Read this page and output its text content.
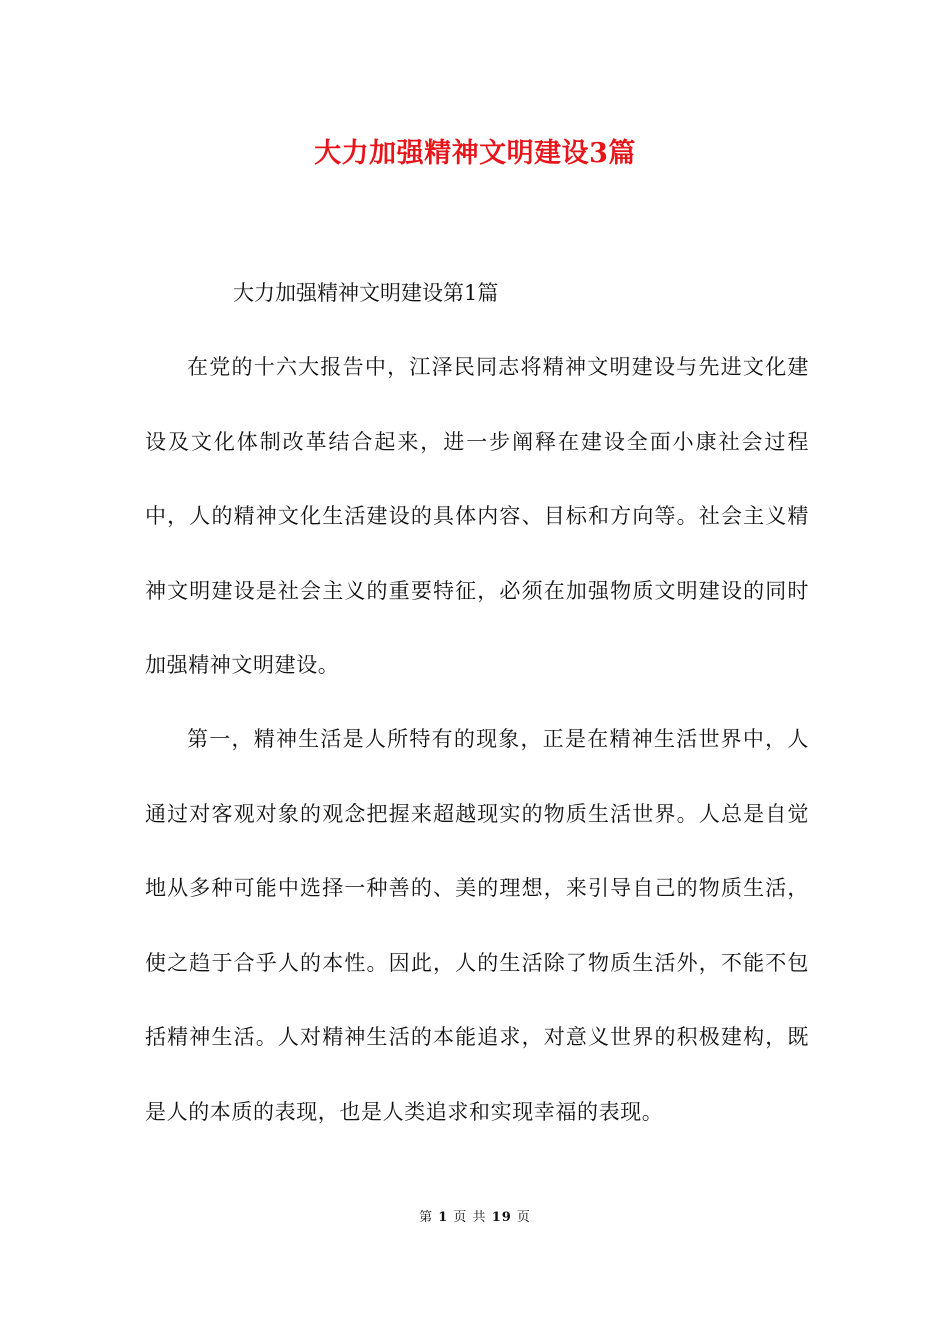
大力加强精神文明建设3篇
大力加强精神文明建设第1篇

在党的十六大报告中，江泽民同志将精神文明建设与先进文化建设及文化体制改革结合起来，进一步阐释在建设全面小康社会过程中，人的精神文化生活建设的具体内容、目标和方向等。社会主义精神文明建设是社会主义的重要特征，必须在加强物质文明建设的同时加强精神文明建设。

第一，精神生活是人所特有的现象，正是在精神生活世界中，人通过对客观对象的观念把握来超越现实的物质生活世界。人总是自觉地从多种可能中选择一种善的、美的理想，来引导自己的物质生活，使之趋于合乎人的本性。因此，人的生活除了物质生活外，不能不包括精神生活。人对精神生活的本能追求，对意义世界的积极建构，既是人的本质的表现，也是人类追求和实现幸福的表现。

第 1 页 共 19 页
